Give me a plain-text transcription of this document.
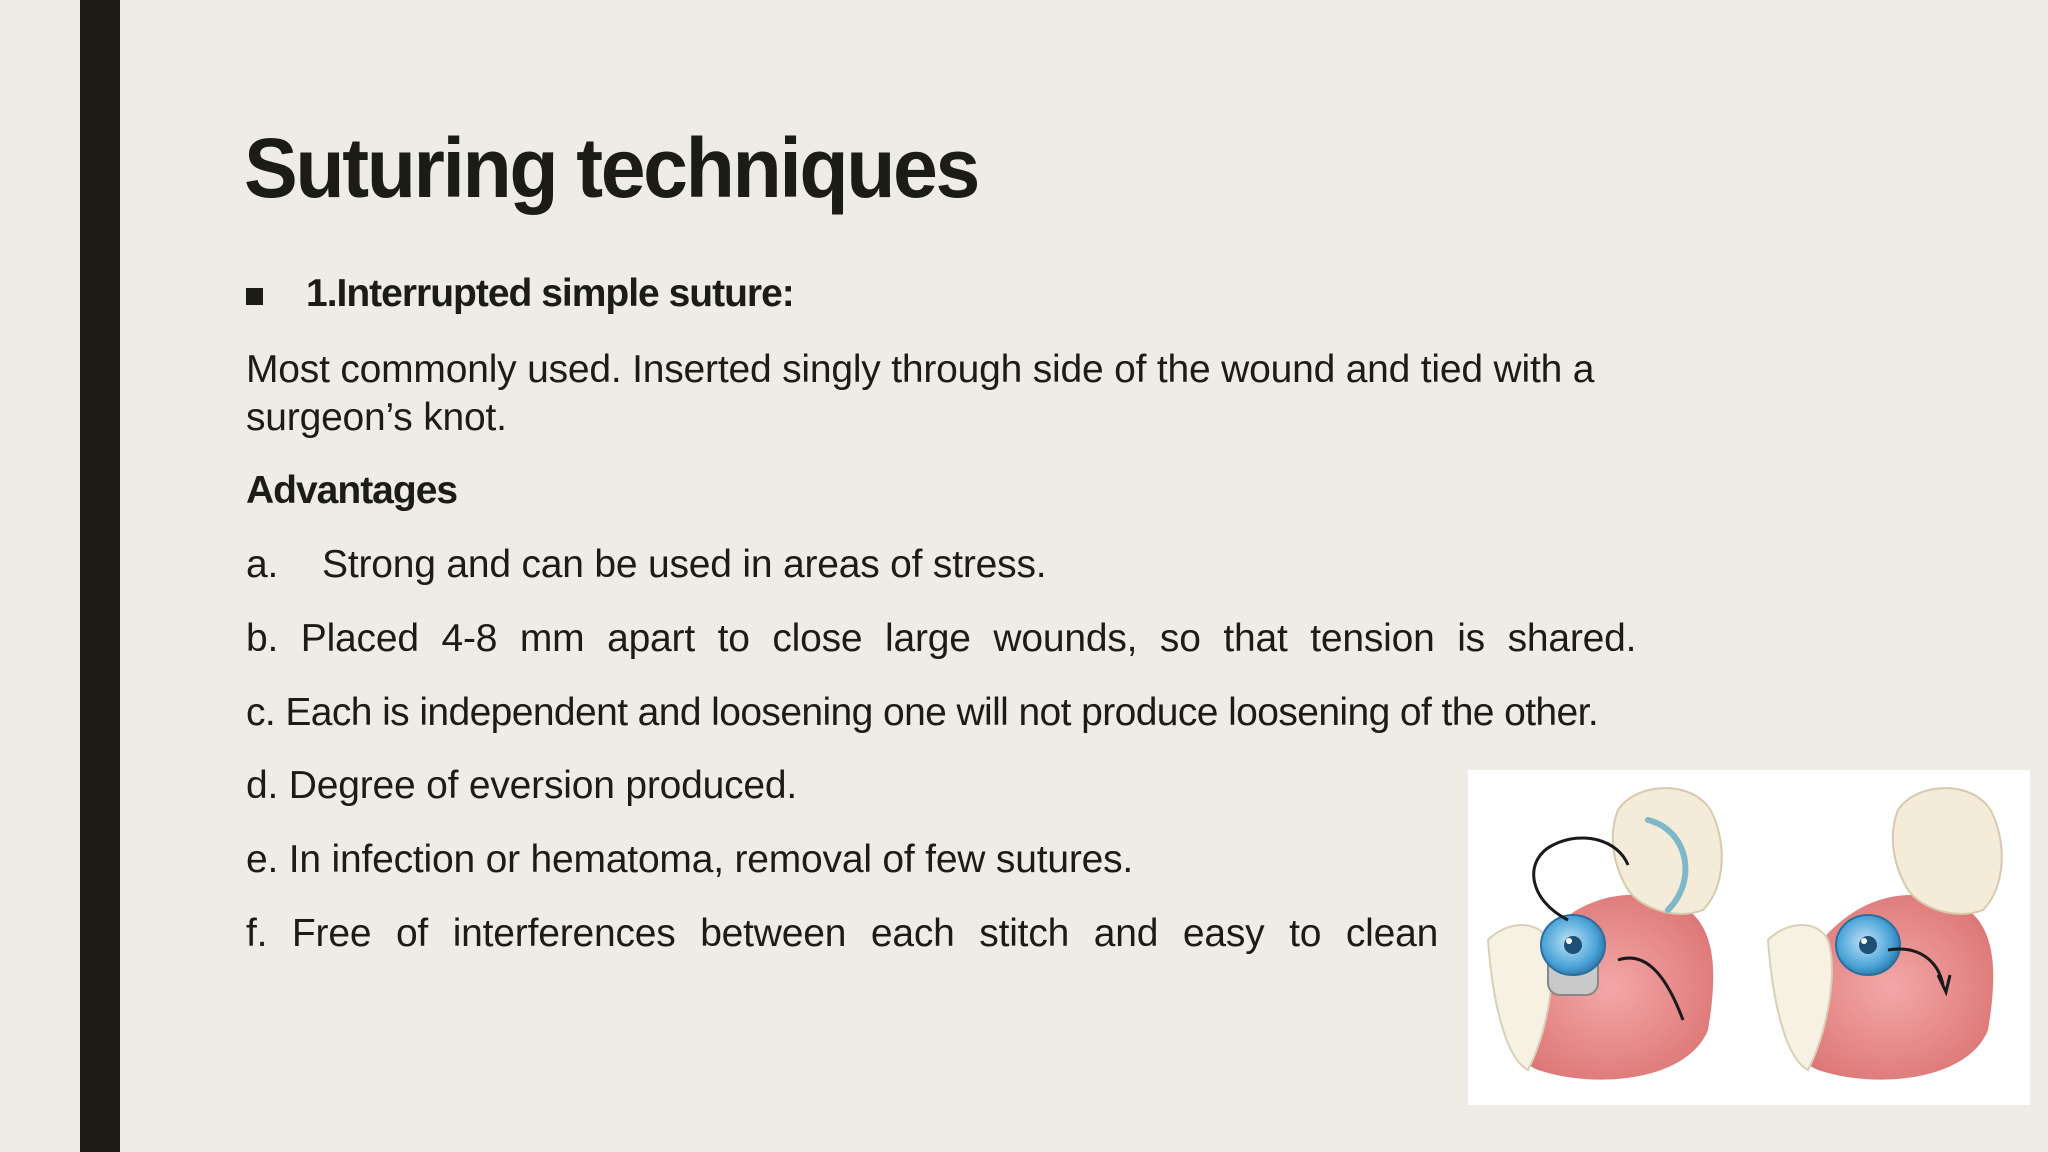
Suturing techniques
1.Interrupted simple suture:
Most commonly used. Inserted singly through side of the wound and tied with a
surgeon’s knot.
Advantages
a. Strong and can be used in areas of stress.
b. Placed 4-8 mm apart to close large wounds, so that tension is shared.
c. Each is independent and loosening one will not produce loosening of the other.
d. Degree of eversion produced.
e. In infection or hematoma, removal of few sutures.
f. Free of interferences between each stitch and easy to clean
